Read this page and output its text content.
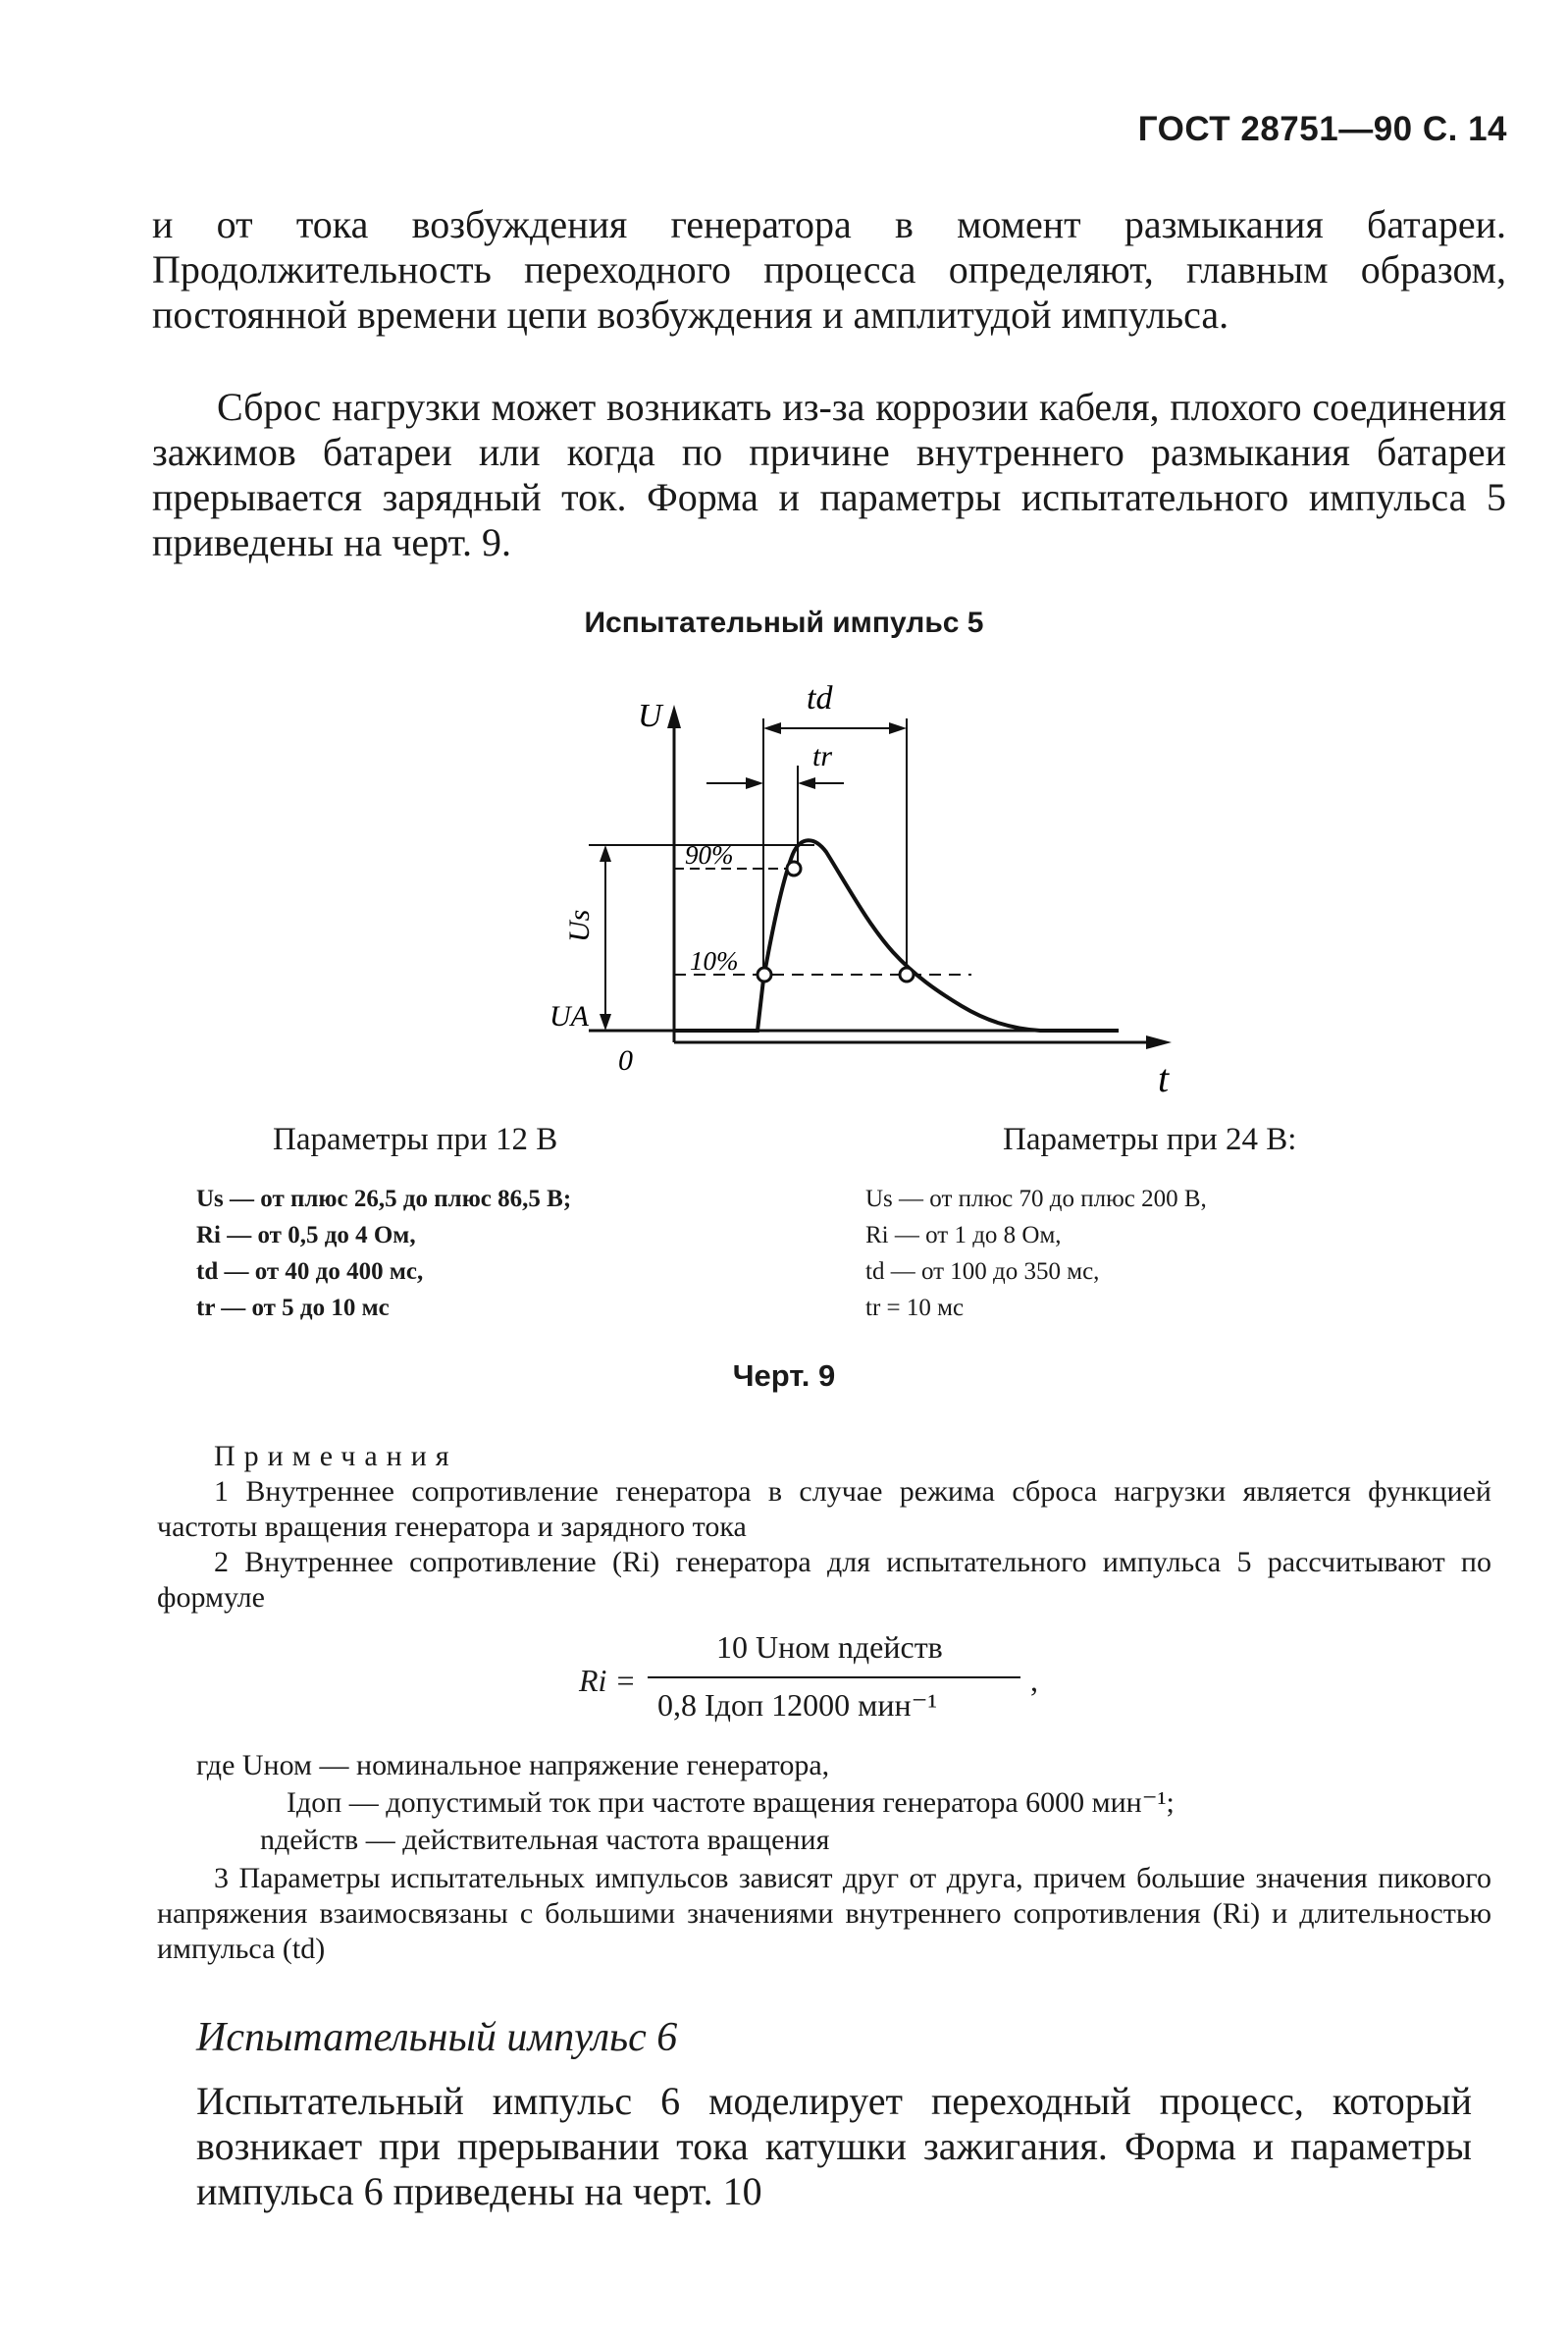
ГОСТ 28751—90 С. 14

и от тока возбуждения генератора в момент размыкания батареи. Продолжительность переходного процесса определяют, главным образом, постоянной времени цепи возбуждения и амплитудой импульса.

Сброс нагрузки может возникать из-за коррозии кабеля, плохого соединения зажимов батареи или когда по причине внутреннего размыкания батареи прерывается зарядный ток. Форма и параметры испытательного импульса 5 приведены на черт. 9.

Испытательный импульс 5
U
t
td
tr
90%
10%
Us
UA
0
Параметры при 12 В	Параметры при 24 В:
Us — от плюс 26,5 до плюс 86,5 В;
Ri — от 0,5 до 4 Ом,
td — от 40 до 400 мс,
tr — от 5 до 10 мс
Us — от плюс 70 до плюс 200 В,
Ri — от 1 до 8 Ом,
td — от 100 до 350 мс,
tr = 10 мс
Черт. 9
Примечания

1 Внутреннее сопротивление генератора в случае режима сброса нагрузки является функцией частоты вращения генератора и зарядного тока

2 Внутреннее сопротивление (Ri) генератора для испытательного импульса 5 рассчитывают по формуле

Ri =
10 Uном nдейств
0,8 Iдоп 12000 мин⁻¹
,
где Uном — номинальное напряжение генератора,
Iдоп — допустимый ток при частоте вращения генератора 6000 мин⁻¹;
nдейств — действительная частота вращения

3 Параметры испытательных импульсов зависят друг от друга, причем большие значения пикового напряжения взаимосвязаны с большими значениями внутреннего сопротивления (Ri) и длительностью импульса (td)

Испытательный импульс 6

Испытательный импульс 6 моделирует переходный процесс, который возникает при прерывании тока катушки зажигания. Форма и параметры импульса 6 приведены на черт. 10
